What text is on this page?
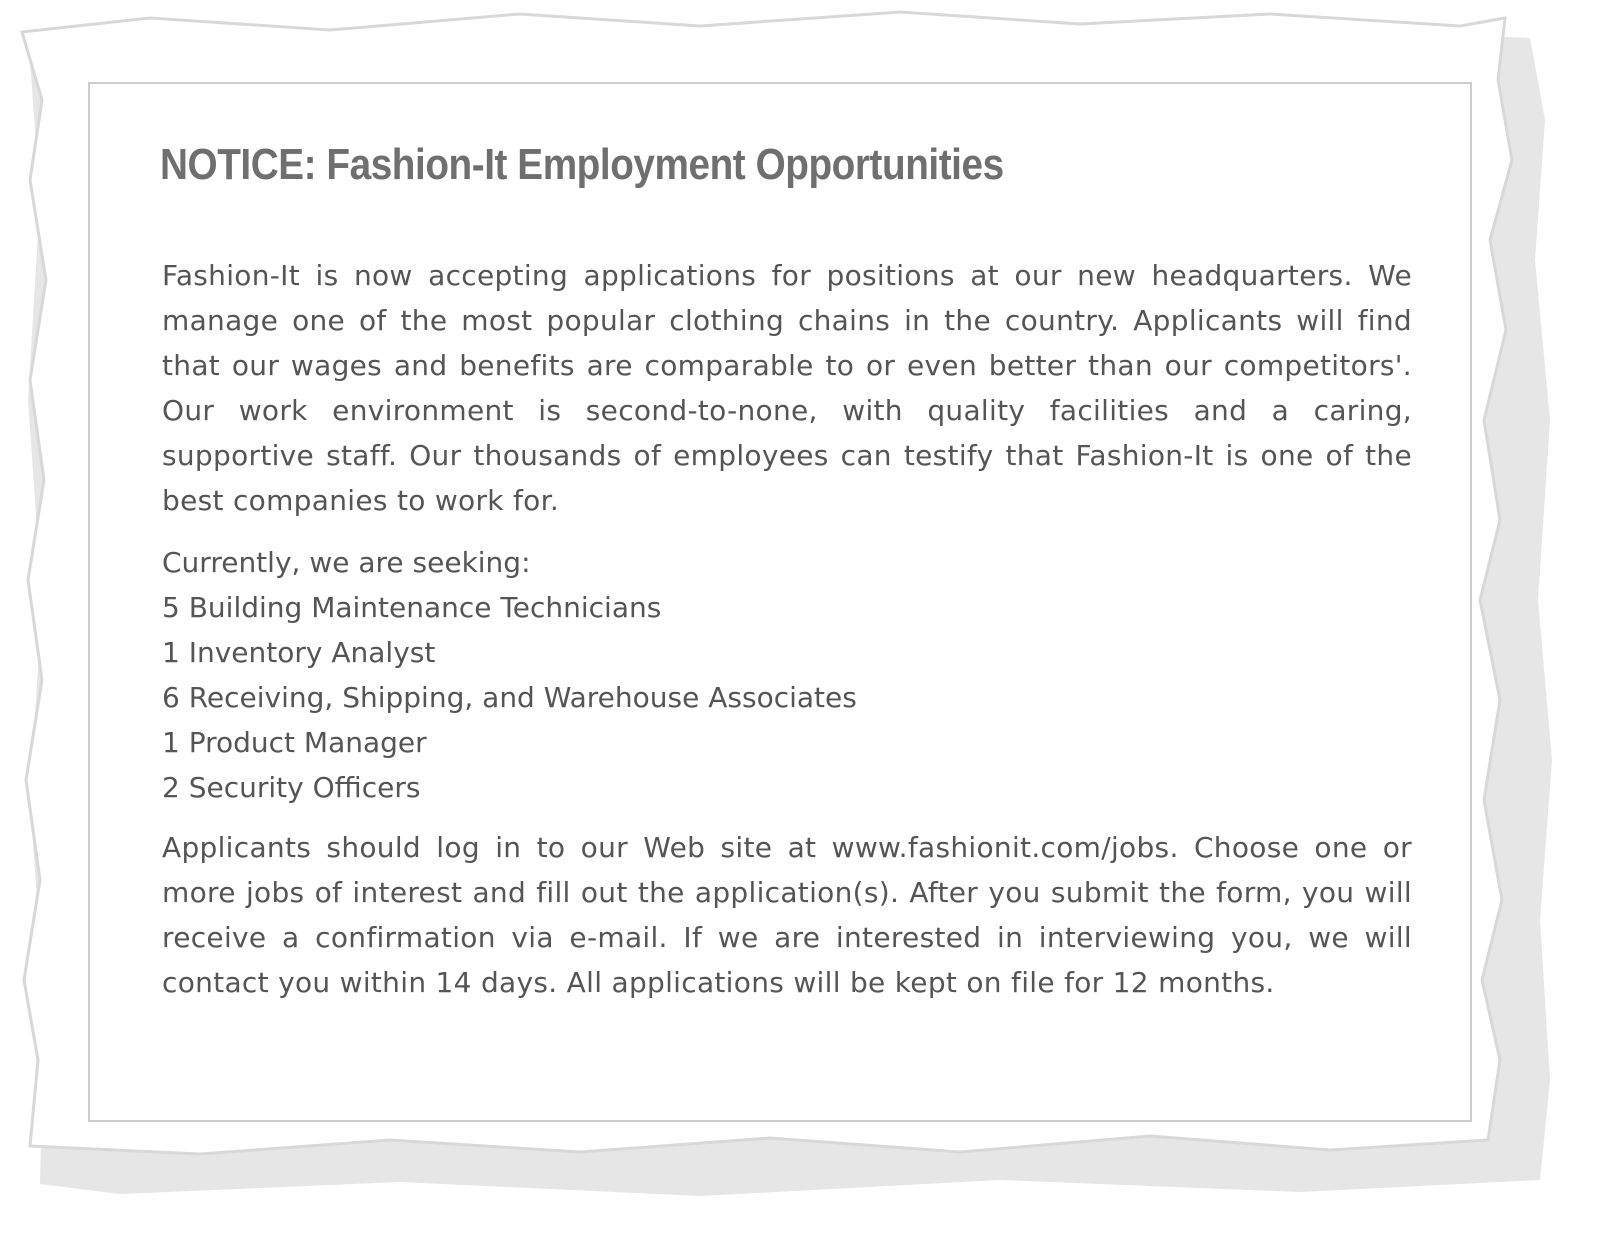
NOTICE: Fashion-It Employment Opportunities
Fashion-It is now accepting applications for positions at our new headquarters. We manage one of the most popular clothing chains in the country. Applicants will find that our wages and benefits are comparable to or even better than our competitors'. Our work environment is second-to-none, with quality facilities and a caring, supportive staff. Our thousands of employees can testify that Fashion-It is one of the best companies to work for.
Currently, we are seeking:
5 Building Maintenance Technicians
1 Inventory Analyst
6 Receiving, Shipping, and Warehouse Associates
1 Product Manager
2 Security Officers
Applicants should log in to our Web site at www.fashionit.com/jobs. Choose one or more jobs of interest and fill out the application(s). After you submit the form, you will receive a confirmation via e-mail. If we are interested in interviewing you, we will contact you within 14 days. All applications will be kept on file for 12 months.
